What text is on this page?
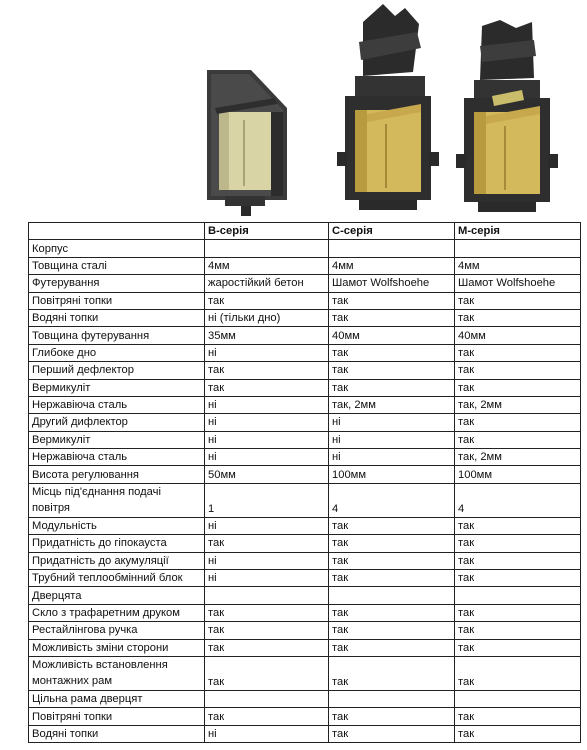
	B-серія	C-серія	M-серія
Корпус			
Товщина сталі	4мм	4мм	4мм
Футерування	жаростійкий бетон	Шамот Wolfshoehe	Шамот Wolfshoehe
Повітряні топки	так	так	так
Водяні топки	ні (тільки дно)	так	так
Товщина футерування	35мм	40мм	40мм
Глибоке дно	ні	так	так
Перший дефлектор	так	так	так
Вермикуліт	так	так	так
Нержавіюча сталь	ні	так, 2мм	так, 2мм
Другий дифлектор	ні	ні	так
Вермикуліт	ні	ні	так
Нержавіюча сталь	ні	ні	так, 2мм
Висота регулювання	50мм	100мм	100мм
Місць під'єднання подачі повітря	1	4	4
Модульність	ні	так	так
Придатність до гіпокауста	так	так	так
Придатність до акумуляції	ні	так	так
Трубний теплообмінний блок	ні	так	так
Дверцята			
Скло з трафаретним друком	так	так	так
Рестайлінгова ручка	так	так	так
Можливість зміни сторони	так	так	так
Можливість встановлення монтажних рам	так	так	так
Цільна рама дверцят			
Повітряні топки	так	так	так
Водяні топки	ні	так	так
